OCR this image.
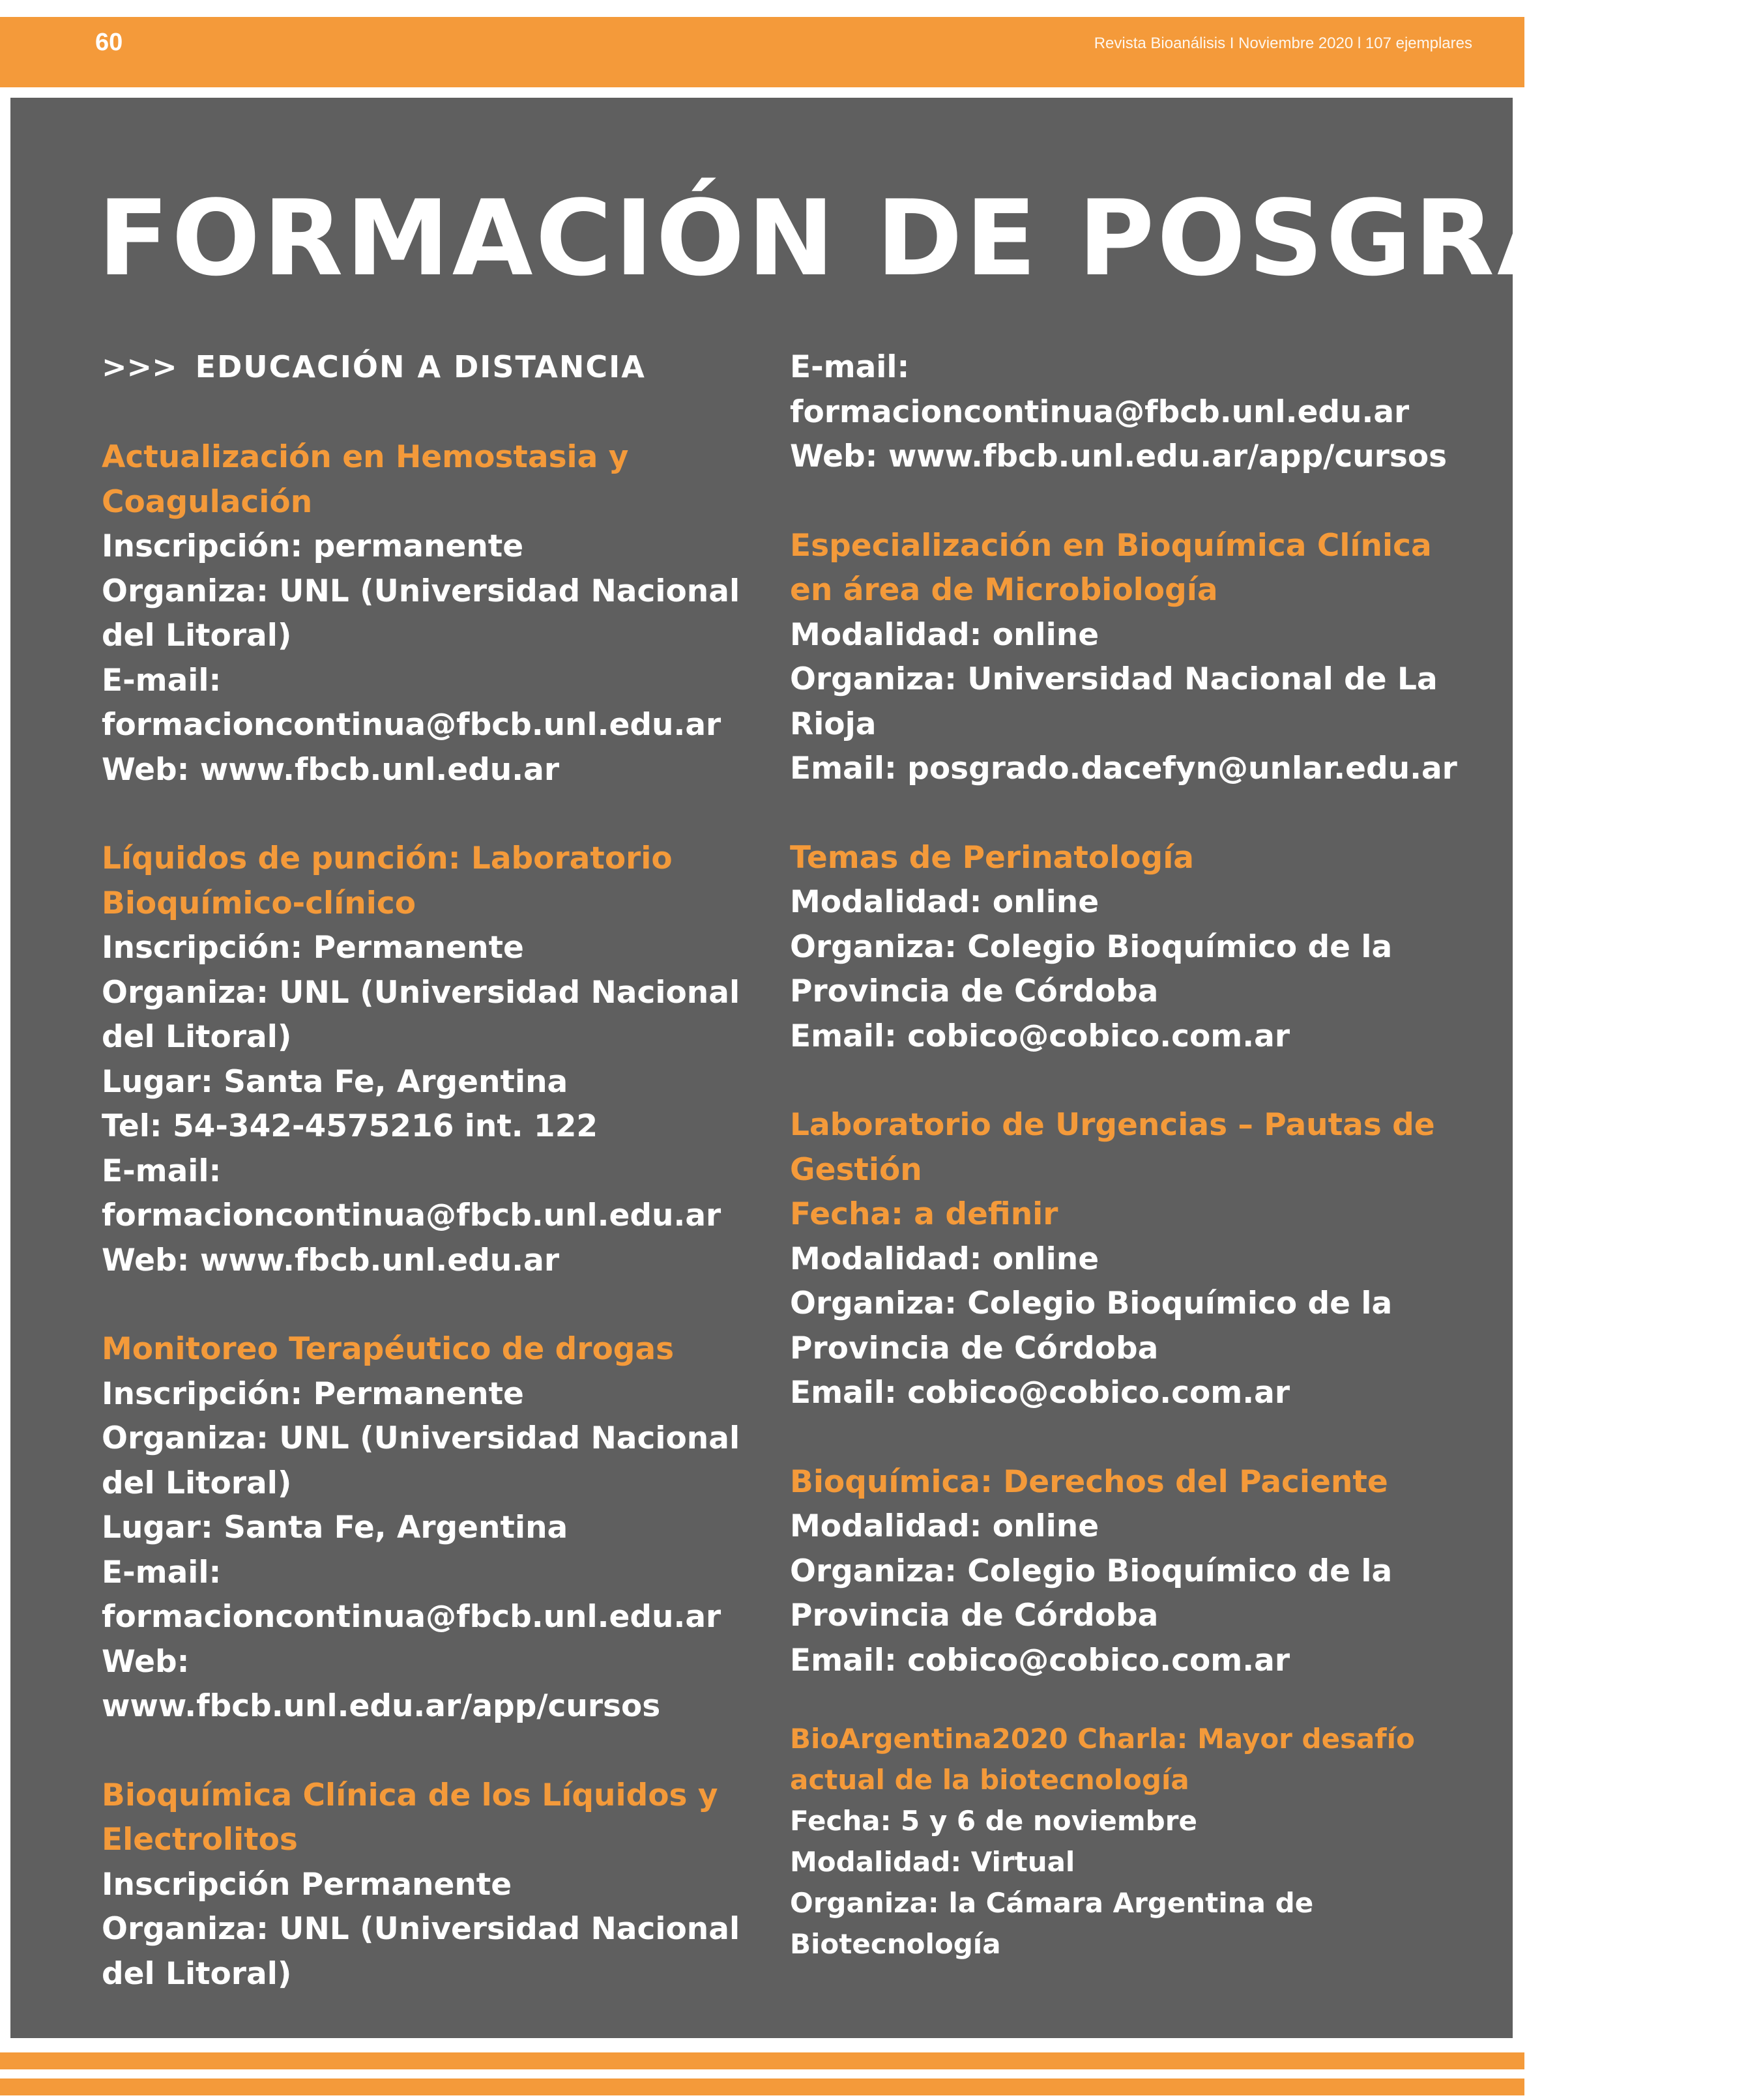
60	Revista Bioanálisis I Noviembre 2020 l 107 ejemplares
FORMACIÓN DE POSGRADO
>>> EDUCACIÓN A DISTANCIA
Actualización en Hemostasia y Coagulación
Inscripción: permanente
Organiza: UNL (Universidad Nacional del Litoral)
E-mail: formacioncontinua@fbcb.unl.edu.ar
Web: www.fbcb.unl.edu.ar
Líquidos de punción: Laboratorio Bioquímico-clínico
Inscripción: Permanente
Organiza: UNL (Universidad Nacional del Litoral)
Lugar: Santa Fe, Argentina
Tel: 54-342-4575216 int. 122
E-mail: formacioncontinua@fbcb.unl.edu.ar
Web: www.fbcb.unl.edu.ar
Monitoreo Terapéutico de drogas
Inscripción: Permanente
Organiza: UNL (Universidad Nacional del Litoral)
Lugar: Santa Fe, Argentina
E-mail: formacioncontinua@fbcb.unl.edu.ar
Web: www.fbcb.unl.edu.ar/app/cursos
Bioquímica Clínica de los Líquidos y Electrolitos
Inscripción Permanente
Organiza: UNL (Universidad Nacional del Litoral)
E-mail: formacioncontinua@fbcb.unl.edu.ar
Web: www.fbcb.unl.edu.ar/app/cursos
Especialización en Bioquímica Clínica en área de Microbiología
Modalidad: online
Organiza: Universidad Nacional de La Rioja
Email: posgrado.dacefyn@unlar.edu.ar
Temas de Perinatología
Modalidad: online
Organiza: Colegio Bioquímico de la Provincia de Córdoba
Email: cobico@cobico.com.ar
Laboratorio de Urgencias – Pautas de Gestión
Fecha: a definir
Modalidad: online
Organiza: Colegio Bioquímico de la Provincia de Córdoba
Email: cobico@cobico.com.ar
Bioquímica: Derechos del Paciente
Modalidad: online
Organiza: Colegio Bioquímico de la Provincia de Córdoba
Email: cobico@cobico.com.ar
BioArgentina2020 Charla: Mayor desafío actual de la biotecnología
Fecha: 5 y 6 de noviembre
Modalidad: Virtual
Organiza: la Cámara Argentina de Biotecnología
